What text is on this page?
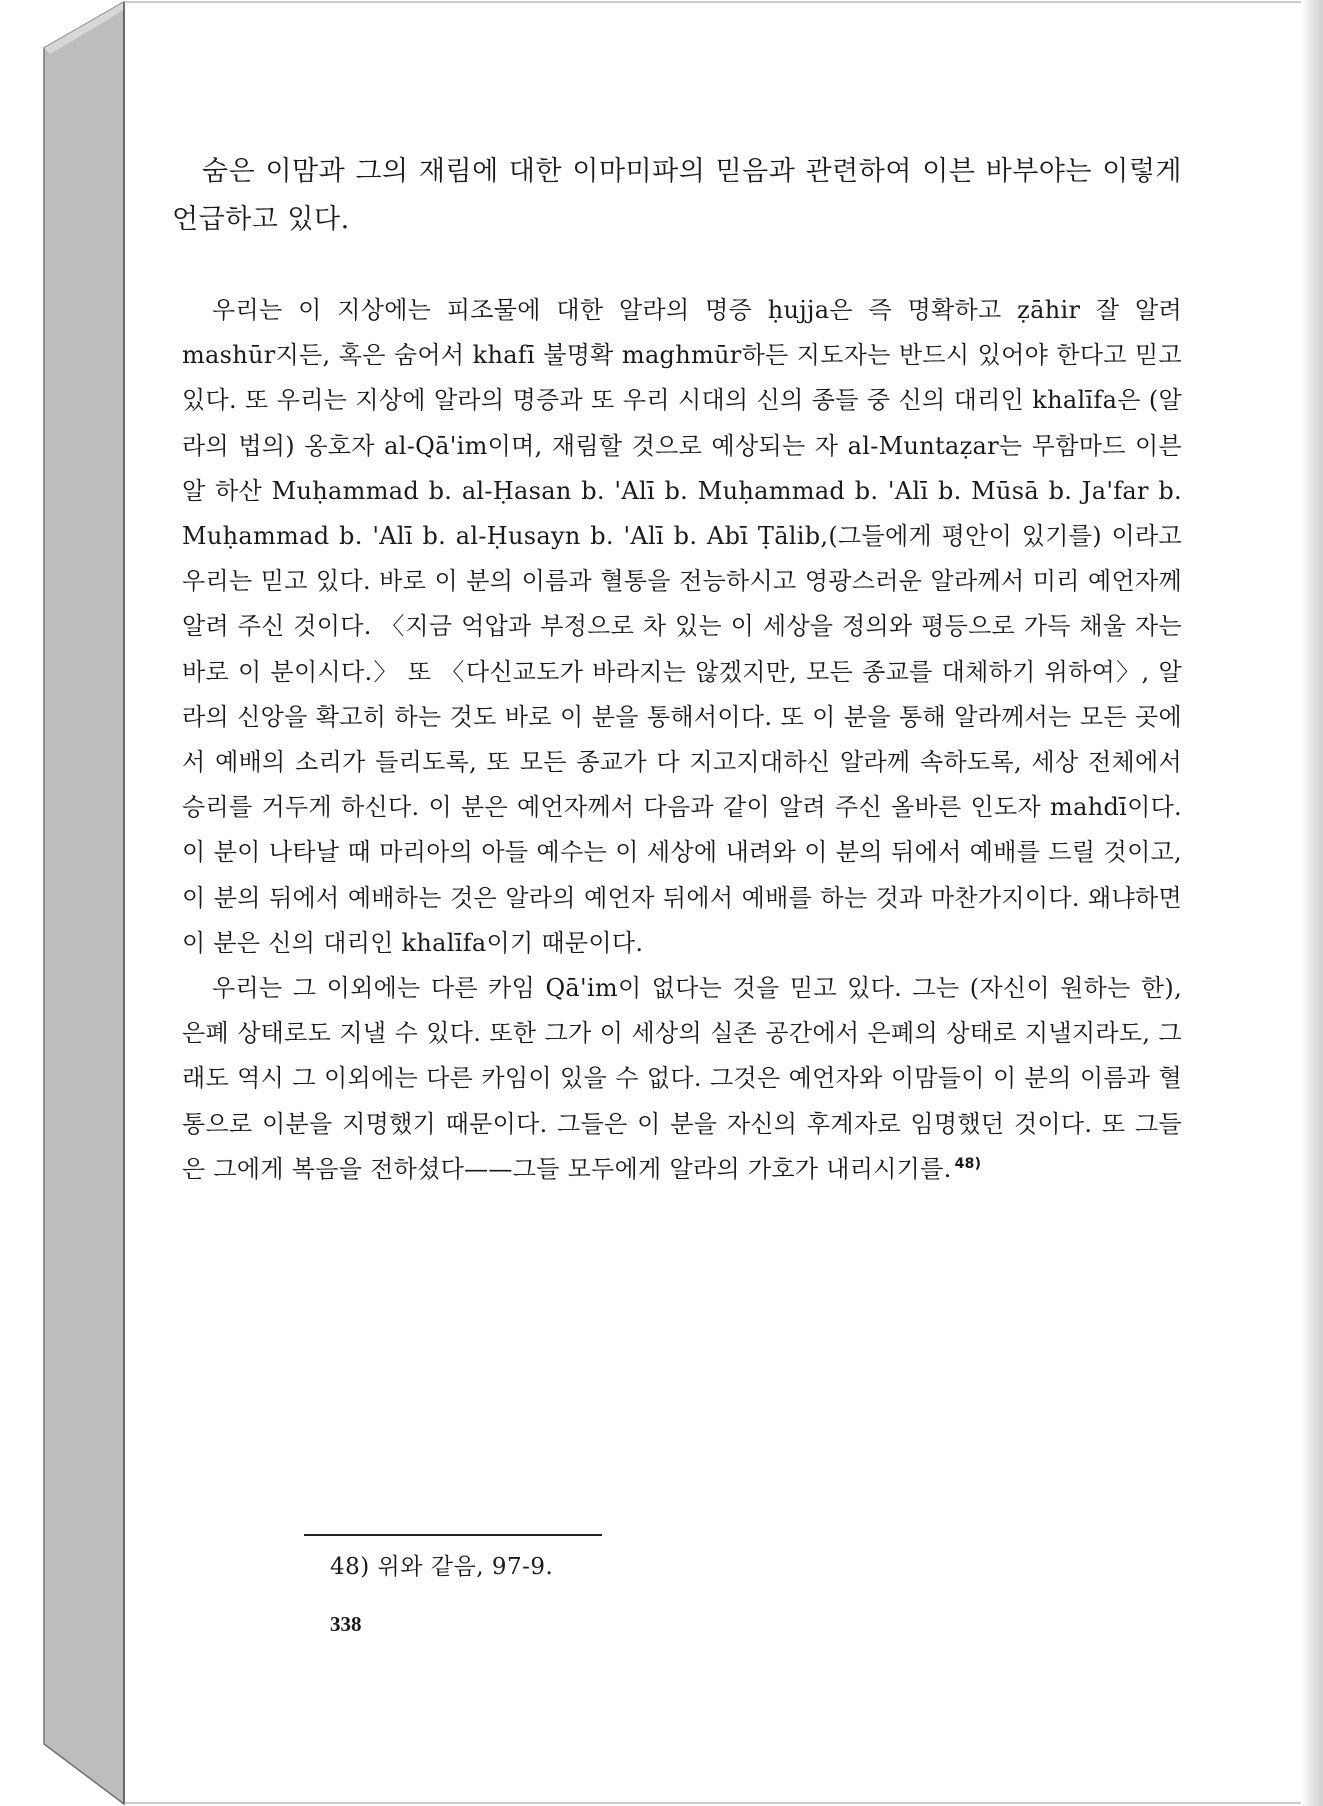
숨은 이맘과 그의 재림에 대한 이마미파의 믿음과 관련하여 이븐 바부야는 이렇게 언급하고 있다.

우리는 이 지상에는 피조물에 대한 알라의 명증 ḥujja은 즉 명확하고 ẓāhir 잘 알려 mashūr지든, 혹은 숨어서 khafī 불명확 maghmūr하든 지도자는 반드시 있어야 한다고 믿고 있다. 또 우리는 지상에 알라의 명증과 또 우리 시대의 신의 종들 중 신의 대리인 khalīfa은 (알라의 법의) 옹호자 al-Qā'im이며, 재림할 것으로 예상되는 자 al-Muntaẓar는 무함마드 이븐 알 하산 Muḥammad b. al-Ḥasan b. 'Alī b. Muḥammad b. 'Alī b. Mūsā b. Ja'far b. Muḥammad b. 'Alī b. al-Ḥusayn b. 'Alī b. Abī Ṭālib,(그들에게 평안이 있기를) 이라고 우리는 믿고 있다. 바로 이 분의 이름과 혈통을 전능하시고 영광스러운 알라께서 미리 예언자께 알려 주신 것이다. 〈지금 억압과 부정으로 차 있는 이 세상을 정의와 평등으로 가득 채울 자는 바로 이 분이시다.〉 또 〈다신교도가 바라지는 않겠지만, 모든 종교를 대체하기 위하여〉, 알라의 신앙을 확고히 하는 것도 바로 이 분을 통해서이다. 또 이 분을 통해 알라께서는 모든 곳에서 예배의 소리가 들리도록, 또 모든 종교가 다 지고지대하신 알라께 속하도록, 세상 전체에서 승리를 거두게 하신다. 이 분은 예언자께서 다음과 같이 알려 주신 올바른 인도자 mahdī이다. 이 분이 나타날 때 마리아의 아들 예수는 이 세상에 내려와 이 분의 뒤에서 예배를 드릴 것이고, 이 분의 뒤에서 예배하는 것은 알라의 예언자 뒤에서 예배를 하는 것과 마찬가지이다. 왜냐하면 이 분은 신의 대리인 khalīfa이기 때문이다.

우리는 그 이외에는 다른 카임 Qā'im이 없다는 것을 믿고 있다. 그는 (자신이 원하는 한), 은폐 상태로도 지낼 수 있다. 또한 그가 이 세상의 실존 공간에서 은폐의 상태로 지낼지라도, 그래도 역시 그 이외에는 다른 카임이 있을 수 없다. 그것은 예언자와 이맘들이 이 분의 이름과 혈통으로 이분을 지명했기 때문이다. 그들은 이 분을 자신의 후계자로 임명했던 것이다. 또 그들은 그에게 복음을 전하셨다——그들 모두에게 알라의 가호가 내리시기를. $^{48)}$

48) 위와 같음, 97-9.
338
